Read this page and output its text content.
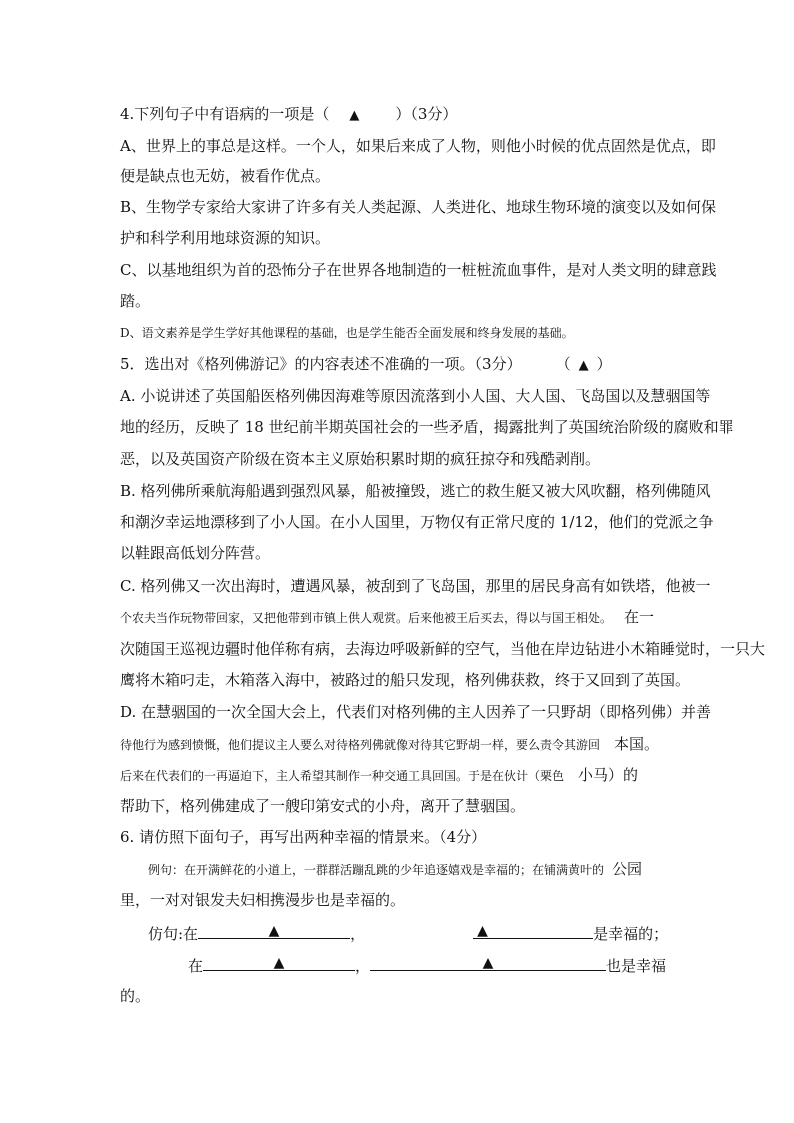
4.下列句子中有语病的一项是（ ▲ ）（3分）
A、世界上的事总是这样。一个人，如果后来成了人物，则他小时候的优点固然是优点，即
便是缺点也无妨，被看作优点。
B、生物学专家给大家讲了许多有关人类起源、人类进化、地球生物环境的演变以及如何保
护和科学利用地球资源的知识。
C、以基地组织为首的恐怖分子在世界各地制造的一桩桩流血事件，是对人类文明的肆意践
踏。
D、语文素养是学生学好其他课程的基础，也是学生能否全面发展和终身发展的基础。
5．选出对《格列佛游记》的内容表述不准确的一项。（3分） （ ▲ ）
A. 小说讲述了英国船医格列佛因海难等原因流落到小人国、大人国、飞岛国以及慧骃国等
地的经历，反映了 18 世纪前半期英国社会的一些矛盾，揭露批判了英国统治阶级的腐败和罪
恶，以及英国资产阶级在资本主义原始积累时期的疯狂掠夺和残酷剥削。
B. 格列佛所乘航海船遇到强烈风暴，船被撞毁，逃亡的救生艇又被大风吹翻，格列佛随风
和潮汐幸运地漂移到了小人国。在小人国里，万物仅有正常尺度的 1/12，他们的党派之争
以鞋跟高低划分阵营。
C. 格列佛又一次出海时，遭遇风暴，被刮到了飞岛国，那里的居民身高有如铁塔，他被一
个农夫当作玩物带回家，又把他带到市镇上供人观赏。后来他被王后买去，得以与国王相处。 在一
次随国王巡视边疆时他佯称有病，去海边呼吸新鲜的空气，当他在岸边钻进小木箱睡觉时，一只大
鹰将木箱叼走，木箱落入海中，被路过的船只发现，格列佛获救，终于又回到了英国。
D. 在慧骃国的一次全国大会上，代表们对格列佛的主人因养了一只野胡（即格列佛）并善
待他行为感到愤慨，他们提议主人要么对待格列佛就像对待其它野胡一样，要么责令其游回 本国。
后来在代表们的一再逼迫下，主人希望其制作一种交通工具回国。于是在伙计（栗色 小马）的
帮助下，格列佛建成了一艘印第安式的小舟，离开了慧骃国。
6. 请仿照下面句子，再写出两种幸福的情景来。（4分）
例句：在开满鲜花的小道上，一群群活蹦乱跳的少年追逐嬉戏是幸福的；在铺满黄叶的 公园
里，一对对银发夫妇相携漫步也是幸福的。
仿句:在	▲	，	▲	是幸福的；
在	▲	，	▲	也是幸福
的。
